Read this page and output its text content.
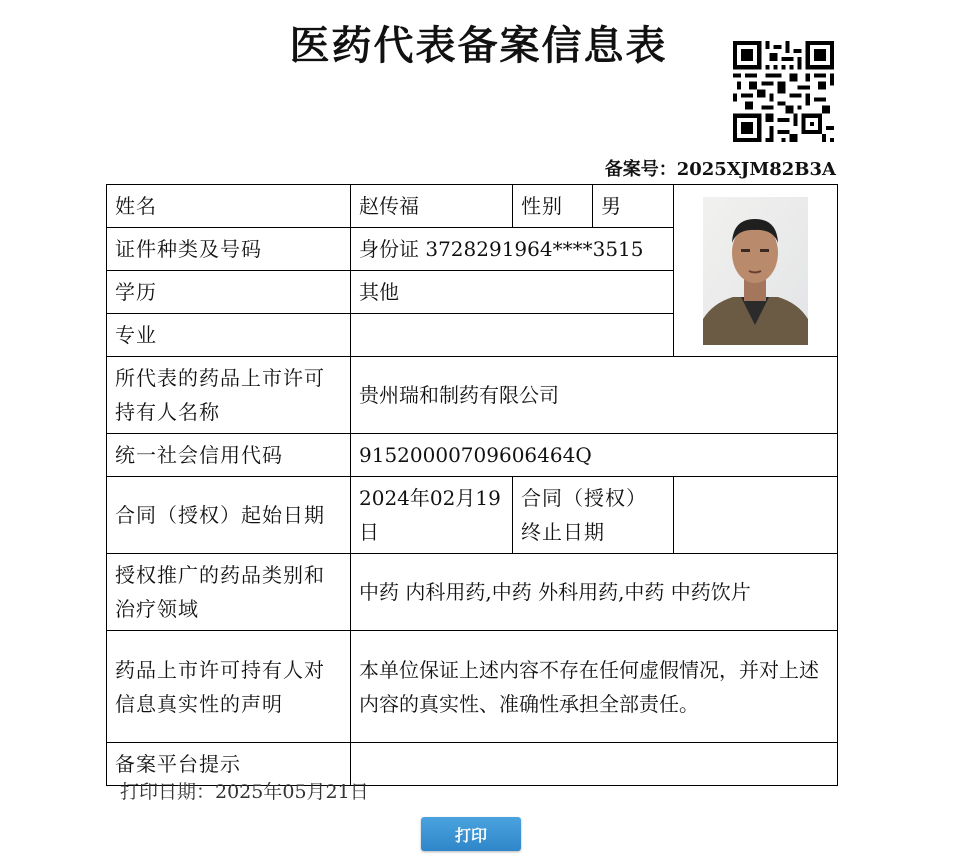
医药代表备案信息表
备案号：2025XJM82B3A
姓名	赵传福	性别	男	

证件种类及号码	身份证 3728291964****3515			
学历	其他			
专业				
所代表的药品上市许可持有人名称	贵州瑞和制药有限公司			
统一社会信用代码	91520000709606464Q			
合同（授权）起始日期	2024年02月19日	合同（授权）终止日期		
授权推广的药品类别和治疗领域	中药 内科用药,中药 外科用药,中药 中药饮片			
药品上市许可持有人对信息真实性的声明	本单位保证上述内容不存在任何虚假情况，并对上述内容的真实性、准确性承担全部责任。			
备案平台提示				
打印日期：2025年05月21日
打印
